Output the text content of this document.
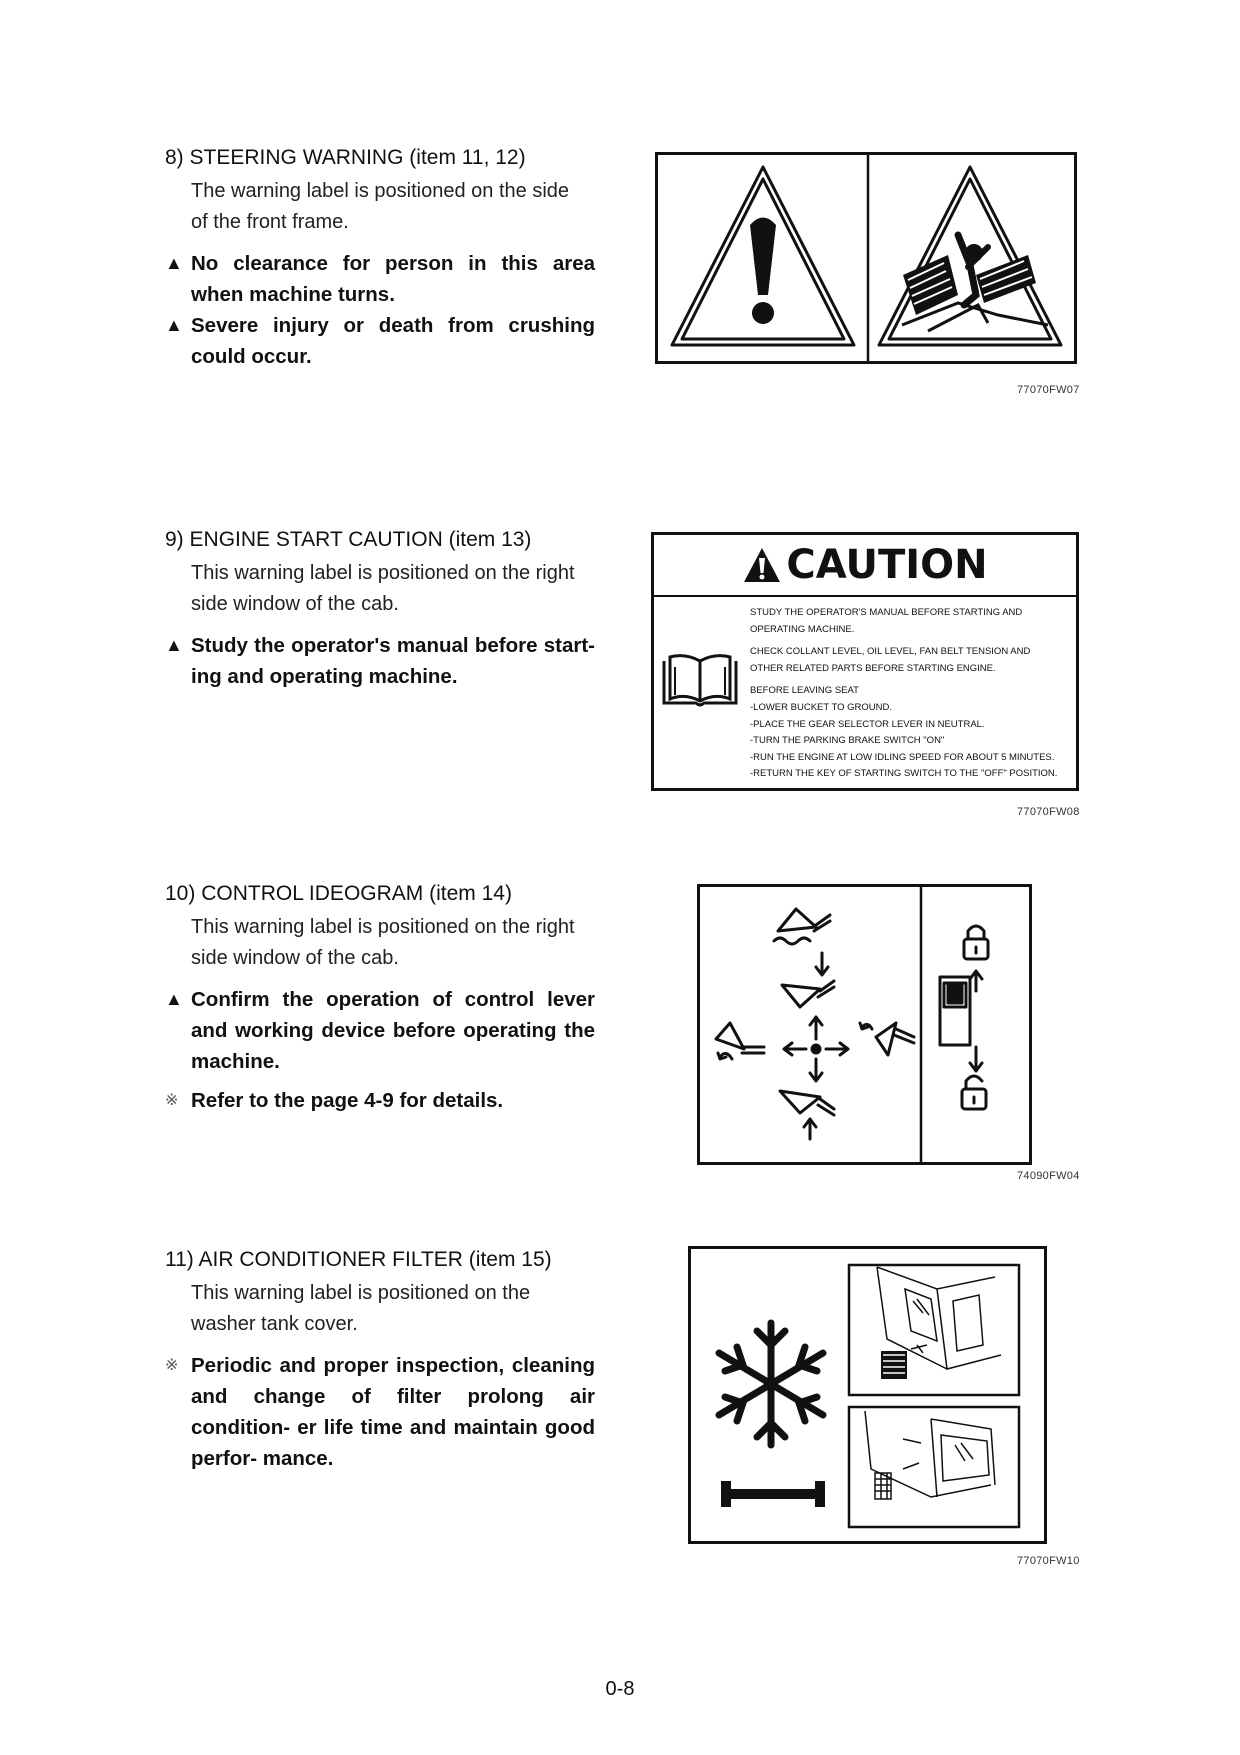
8) STEERING WARNING (item 11, 12)
The warning label is positioned on the side
of the front frame.
▲ No clearance for person in this area when machine turns.
▲ Severe injury or death from crushing could occur.
77070FW07
9) ENGINE START CAUTION (item 13)
This warning label is positioned on the right
side window of the cab.
▲ Study the operator's manual before start- ing and operating machine.
CAUTION
STUDY THE OPERATOR'S MANUAL BEFORE STARTING AND
OPERATING MACHINE.
CHECK COLLANT LEVEL, OIL LEVEL, FAN BELT TENSION AND
OTHER RELATED PARTS BEFORE STARTING ENGINE.
BEFORE LEAVING SEAT
-LOWER BUCKET TO GROUND.
-PLACE THE GEAR SELECTOR LEVER IN NEUTRAL.
-TURN THE PARKING BRAKE SWITCH "ON"
-RUN THE ENGINE AT LOW IDLING SPEED FOR ABOUT 5 MINUTES.
-RETURN THE KEY OF STARTING SWITCH TO THE "OFF" POSITION.
77070FW08
10) CONTROL IDEOGRAM (item 14)
This warning label is positioned on the right
side window of the cab.
▲ Confirm the operation of control lever and working device before operating the machine.
※ Refer to the page 4-9 for details.
74090FW04
11) AIR CONDITIONER FILTER (item 15)
This warning label is positioned on the
washer tank cover.
※ Periodic and proper inspection, cleaning and change of filter prolong air condition- er life time and maintain good perfor- mance.
77070FW10
0-8
